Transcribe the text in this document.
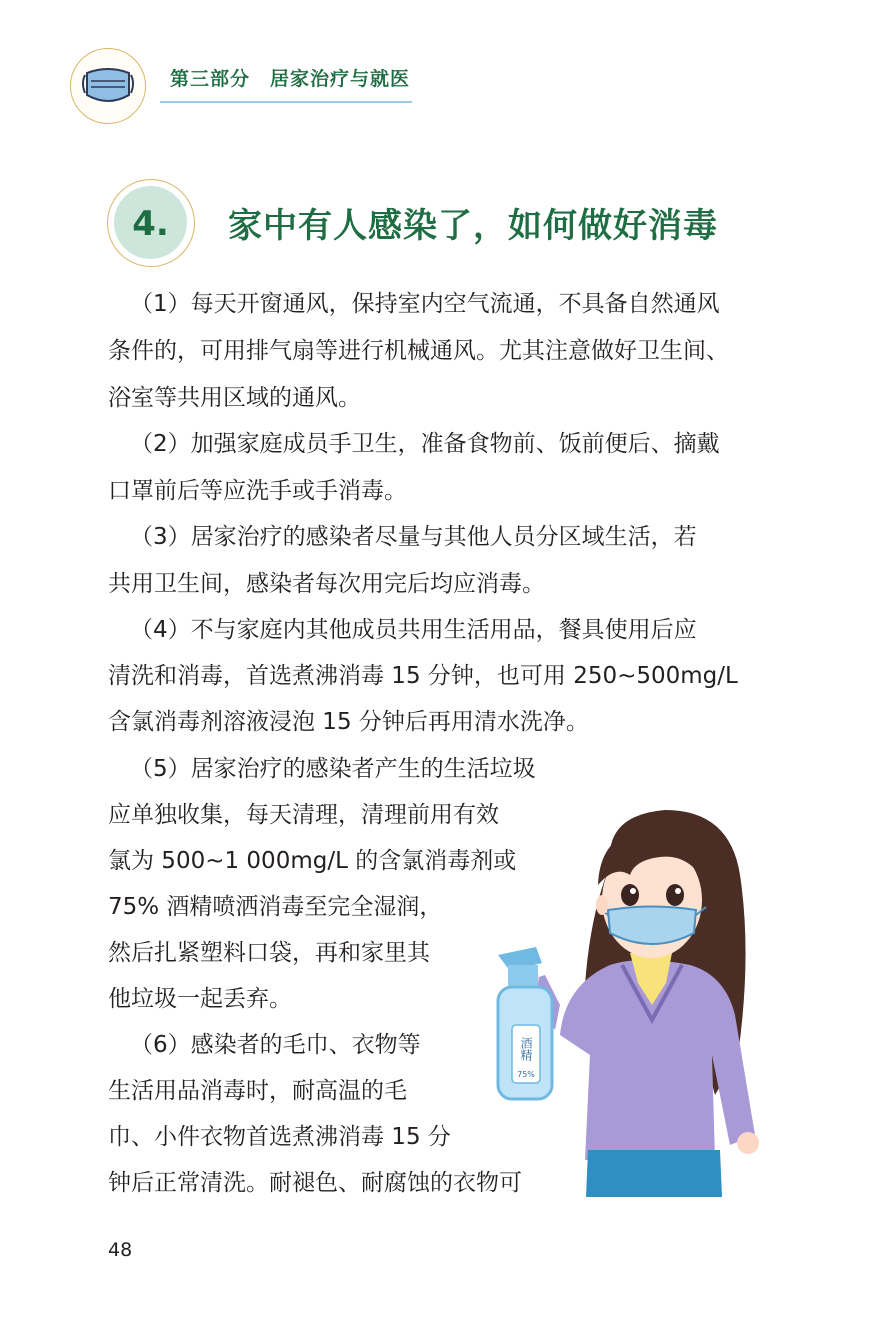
第三部分　居家治疗与就医
4.	家中有人感染了，如何做好消毒
（1）每天开窗通风，保持室内空气流通，不具备自然通风
条件的，可用排气扇等进行机械通风。尤其注意做好卫生间、
浴室等共用区域的通风。
（2）加强家庭成员手卫生，准备食物前、饭前便后、摘戴
口罩前后等应洗手或手消毒。
（3）居家治疗的感染者尽量与其他人员分区域生活，若
共用卫生间，感染者每次用完后均应消毒。
（4）不与家庭内其他成员共用生活用品，餐具使用后应
清洗和消毒，首选煮沸消毒 15 分钟，也可用 250~500mg/L
含氯消毒剂溶液浸泡 15 分钟后再用清水洗净。
（5）居家治疗的感染者产生的生活垃圾
应单独收集，每天清理，清理前用有效
氯为 500~1 000mg/L 的含氯消毒剂或
75% 酒精喷洒消毒至完全湿润，
然后扎紧塑料口袋，再和家里其
他垃圾一起丢弃。
（6）感染者的毛巾、衣物等
生活用品消毒时，耐高温的毛
巾、小件衣物首选煮沸消毒 15 分
钟后正常清洗。耐褪色、耐腐蚀的衣物可
酒精
75%
48
